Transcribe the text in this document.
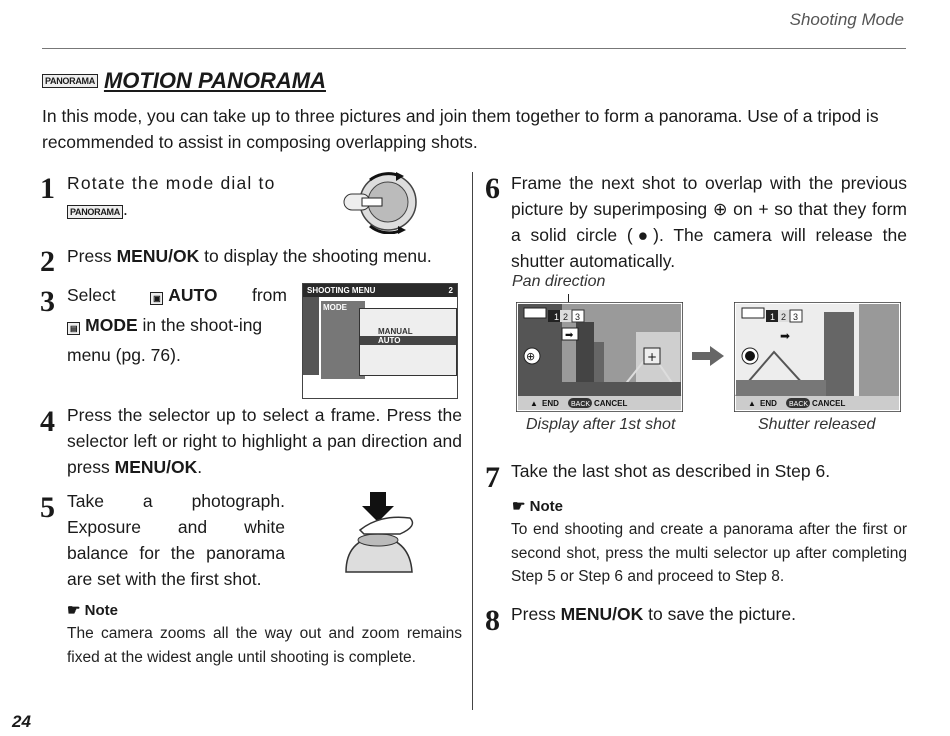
Shooting Mode
PANORAMA MOTION PANORAMA
In this mode, you can take up to three pictures and join them together to form a panorama. Use of a tripod is recommended to assist in composing overlapping shots.
1 Rotate the mode dial to
PANORAMA .
2 Press MENU/OK to display the shooting menu.
3 Select	▣ AUTO from
▤ MODE in the shoot-ing menu (pg. 76).
SHOOTING MENU	2
MODE
MANUAL
AUTO
4 Press the selector up to select a frame. Press the selector left or right to highlight a pan direction and press MENU/OK.
5 Take a photograph. Exposure and white balance for the panorama are set with the first shot.
☛ Note
The camera zooms all the way out and zoom remains fixed at the widest angle until shooting is complete.
6 Frame the next shot to overlap with the previous picture by superimposing ⊕ on + so that they form a solid circle (●). The camera will release the shutter automatically.
Pan direction
1 2 3
➡
⊕	+
▲ END BACK CANCEL
1 2 3
➡
▲ END BACK CANCEL
Display after 1st shot	Shutter released
7 Take the last shot as described in Step 6.
☛ Note
To end shooting and create a panorama after the first or second shot, press the multi selector up after completing Step 5 or Step 6 and proceed to Step 8.
8 Press MENU/OK to save the picture.
24
